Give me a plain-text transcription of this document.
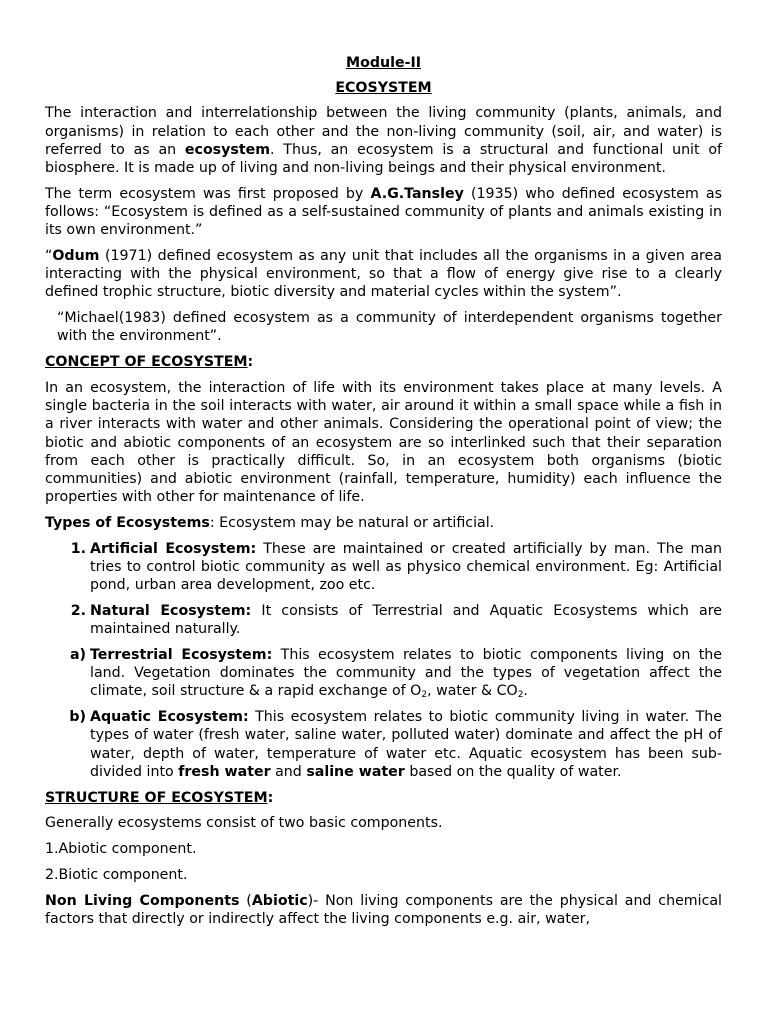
Module-II
ECOSYSTEM

The interaction and interrelationship between the living community (plants, animals, and organisms) in relation to each other and the non-living community (soil, air, and water) is referred to as an ecosystem. Thus, an ecosystem is a structural and functional unit of biosphere. It is made up of living and non-living beings and their physical environment.

The term ecosystem was first proposed by A.G.Tansley (1935) who defined ecosystem as follows: “Ecosystem is defined as a self-sustained community of plants and animals existing in its own environment.”

“Odum (1971) defined ecosystem as any unit that includes all the organisms in a given area interacting with the physical environment, so that a flow of energy give rise to a clearly defined trophic structure, biotic diversity and material cycles within the system”.

“Michael(1983) defined ecosystem as a community of interdependent organisms together with the environment”.

CONCEPT OF ECOSYSTEM:

In an ecosystem, the interaction of life with its environment takes place at many levels. A single bacteria in the soil interacts with water, air around it within a small space while a fish in a river interacts with water and other animals. Considering the operational point of view; the biotic and abiotic components of an ecosystem are so interlinked such that their separation from each other is practically difficult. So, in an ecosystem both organisms (biotic communities) and abiotic environment (rainfall, temperature, humidity) each influence the properties with other for maintenance of life.

Types of Ecosystems: Ecosystem may be natural or artificial.

1. Artificial Ecosystem: These are maintained or created artificially by man. The man tries to control biotic community as well as physico chemical environment. Eg: Artificial pond, urban area development, zoo etc.
2. Natural Ecosystem: It consists of Terrestrial and Aquatic Ecosystems which are maintained naturally.
a) Terrestrial Ecosystem: This ecosystem relates to biotic components living on the land. Vegetation dominates the community and the types of vegetation affect the climate, soil structure & a rapid exchange of $O_2$, water & $CO_2$.
b) Aquatic Ecosystem: This ecosystem relates to biotic community living in water. The types of water (fresh water, saline water, polluted water) dominate and affect the pH of water, depth of water, temperature of water etc. Aquatic ecosystem has been sub-divided into fresh water and saline water based on the quality of water.
STRUCTURE OF ECOSYSTEM:

Generally ecosystems consist of two basic components.

1.Abiotic component.

2.Biotic component.

Non Living Components (Abiotic)- Non living components are the physical and chemical factors that directly or indirectly affect the living components e.g. air, water,
